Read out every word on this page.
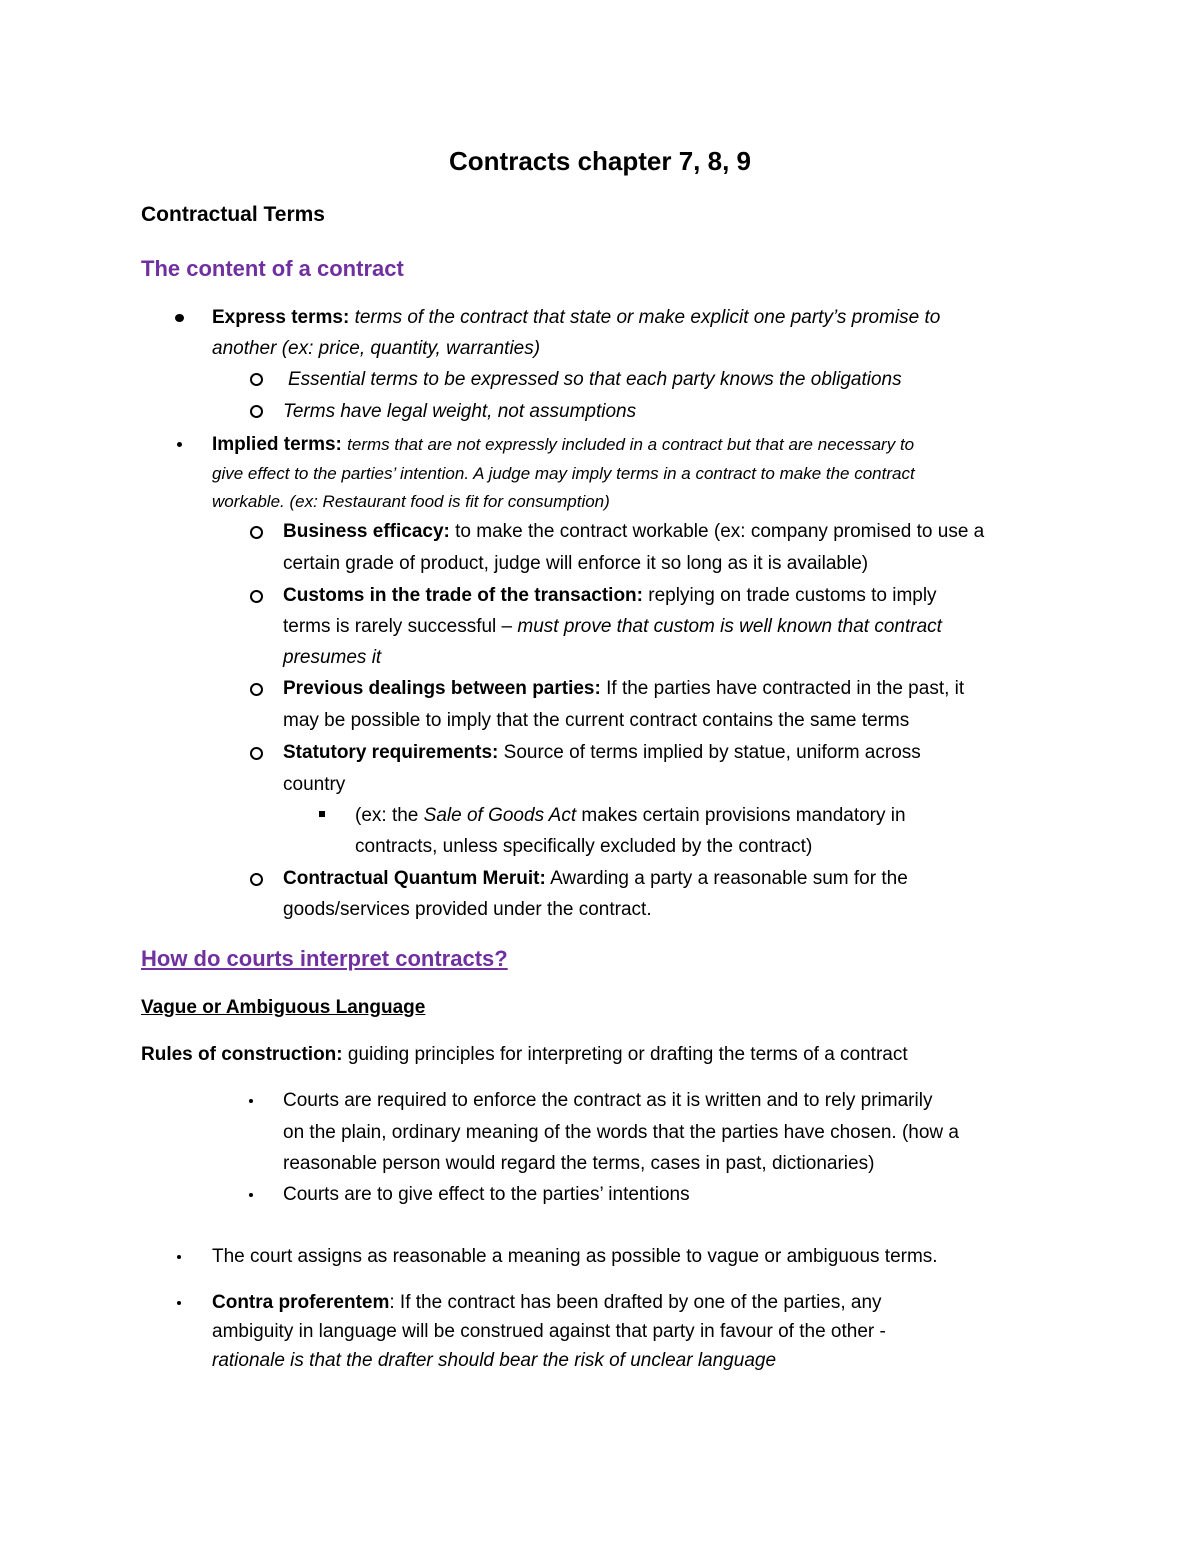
Contracts chapter 7, 8, 9
Contractual Terms
The content of a contract
Express terms: terms of the contract that state or make explicit one party’s promise to
another (ex: price, quantity, warranties)
Essential terms to be expressed so that each party knows the obligations
Terms have legal weight, not assumptions
Implied terms: terms that are not expressly included in a contract but that are necessary to
give effect to the parties’ intention. A judge may imply terms in a contract to make the contract
workable. (ex: Restaurant food is fit for consumption)
Business efficacy: to make the contract workable (ex: company promised to use a
certain grade of product, judge will enforce it so long as it is available)
Customs in the trade of the transaction: replying on trade customs to imply
terms is rarely successful – must prove that custom is well known that contract
presumes it
Previous dealings between parties: If the parties have contracted in the past, it
may be possible to imply that the current contract contains the same terms
Statutory requirements: Source of terms implied by statue, uniform across
country
(ex: the Sale of Goods Act makes certain provisions mandatory in
contracts, unless specifically excluded by the contract)
Contractual Quantum Meruit: Awarding a party a reasonable sum for the
goods/services provided under the contract.
How do courts interpret contracts?
Vague or Ambiguous Language
Rules of construction: guiding principles for interpreting or drafting the terms of a contract
Courts are required to enforce the contract as it is written and to rely primarily
on the plain, ordinary meaning of the words that the parties have chosen. (how a
reasonable person would regard the terms, cases in past, dictionaries)
Courts are to give effect to the parties’ intentions
The court assigns as reasonable a meaning as possible to vague or ambiguous terms.
Contra proferentem: If the contract has been drafted by one of the parties, any
ambiguity in language will be construed against that party in favour of the other -
rationale is that the drafter should bear the risk of unclear language
